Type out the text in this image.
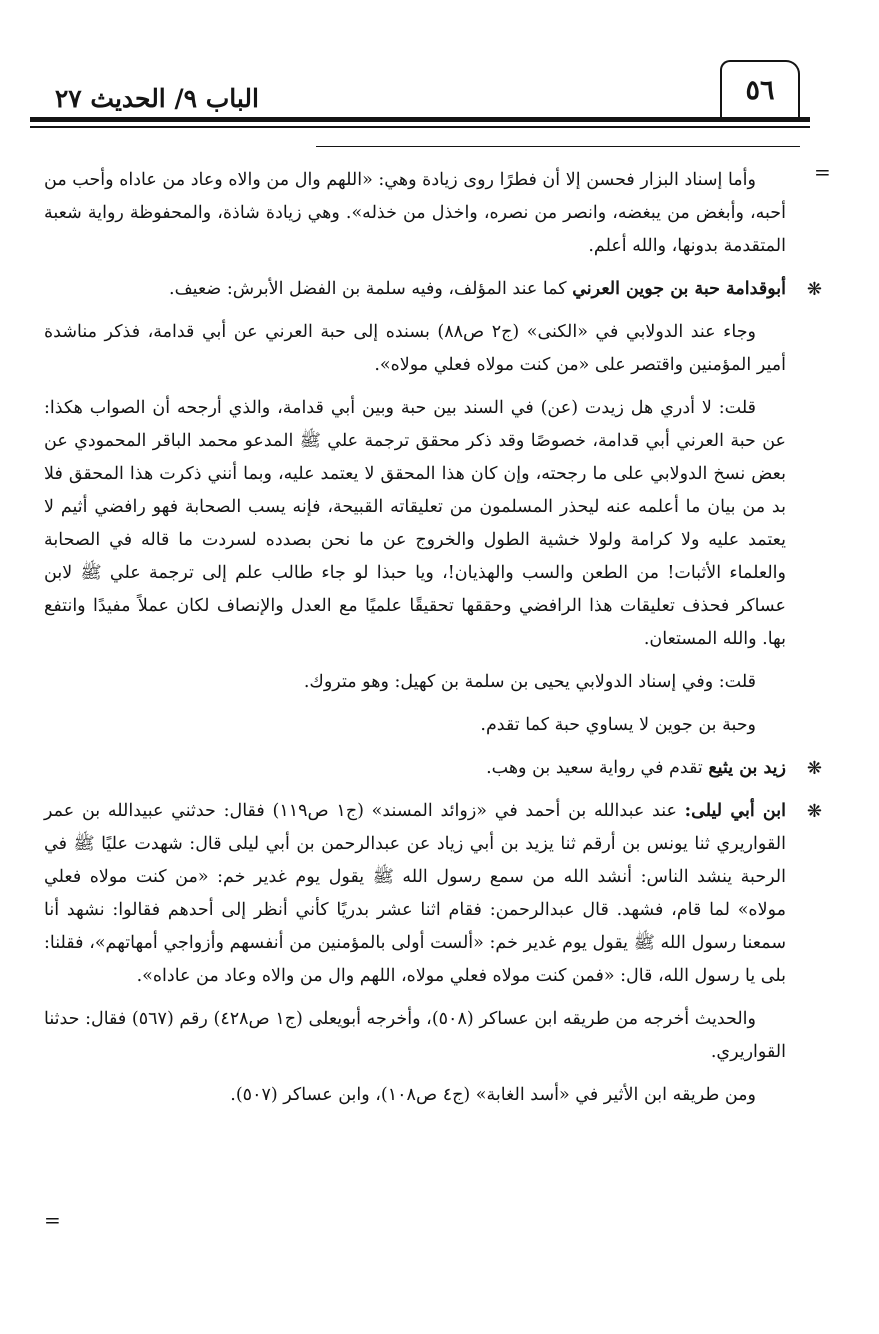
الباب ٩/ الحديث ٢٧	٥٦
=
=

وأما إسناد البزار فحسن إلا أن فطرًا روى زيادة وهي: «اللهم وال من والاه وعاد من عاداه وأحب من أحبه، وأبغض من يبغضه، وانصر من نصره، واخذل من خذله». وهي زيادة شاذة، والمحفوظة رواية شعبة المتقدمة بدونها، والله أعلم.

❋
أبوقدامة حبة بن جوين العرني كما عند المؤلف، وفيه سلمة بن الفضل الأبرش: ضعيف.

وجاء عند الدولابي في «الكنى» (ج٢ ص٨٨) بسنده إلى حبة العرني عن أبي قدامة، فذكر مناشدة أمير المؤمنين واقتصر على «من كنت مولاه فعلي مولاه».

قلت: لا أدري هل زيدت (عن) في السند بين حبة وبين أبي قدامة، والذي أرجحه أن الصواب هكذا: عن حبة العرني أبي قدامة، خصوصًا وقد ذكر محقق ترجمة علي ﷺ المدعو محمد الباقر المحمودي عن بعض نسخ الدولابي على ما رجحته، وإن كان هذا المحقق لا يعتمد عليه، وبما أنني ذكرت هذا المحقق فلا بد من بيان ما أعلمه عنه ليحذر المسلمون من تعليقاته القبيحة، فإنه يسب الصحابة فهو رافضي أثيم لا يعتمد عليه ولا كرامة ولولا خشية الطول والخروج عن ما نحن بصدده لسردت ما قاله في الصحابة والعلماء الأثبات! من الطعن والسب والهذيان!، ويا حبذا لو جاء طالب علم إلى ترجمة علي ﷺ لابن عساكر فحذف تعليقات هذا الرافضي وحققها تحقيقًا علميًا مع العدل والإنصاف لكان عملاً مفيدًا وانتفع بها. والله المستعان.

قلت: وفي إسناد الدولابي يحيى بن سلمة بن كهيل: وهو متروك.

وحبة بن جوين لا يساوي حبة كما تقدم.

❋
زيد بن يثيع تقدم في رواية سعيد بن وهب.

❋
ابن أبي ليلى: عند عبدالله بن أحمد في «زوائد المسند» (ج١ ص١١٩) فقال: حدثني عبيدالله بن عمر القواريري ثنا يونس بن أرقم ثنا يزيد بن أبي زياد عن عبدالرحمن بن أبي ليلى قال: شهدت عليًا ﷺ في الرحبة ينشد الناس: أنشد الله من سمع رسول الله ﷺ يقول يوم غدير خم: «من كنت مولاه فعلي مولاه» لما قام، فشهد. قال عبدالرحمن: فقام اثنا عشر بدريًا كأني أنظر إلى أحدهم فقالوا: نشهد أنا سمعنا رسول الله ﷺ يقول يوم غدير خم: «ألست أولى بالمؤمنين من أنفسهم وأزواجي أمهاتهم»، فقلنا: بلى يا رسول الله، قال: «فمن كنت مولاه فعلي مولاه، اللهم وال من والاه وعاد من عاداه».

والحديث أخرجه من طريقه ابن عساكر (٥٠٨)، وأخرجه أبويعلى (ج١ ص٤٢٨) رقم (٥٦٧) فقال: حدثنا القواريري.

ومن طريقه ابن الأثير في «أسد الغابة» (ج٤ ص١٠٨)، وابن عساكر (٥٠٧).
